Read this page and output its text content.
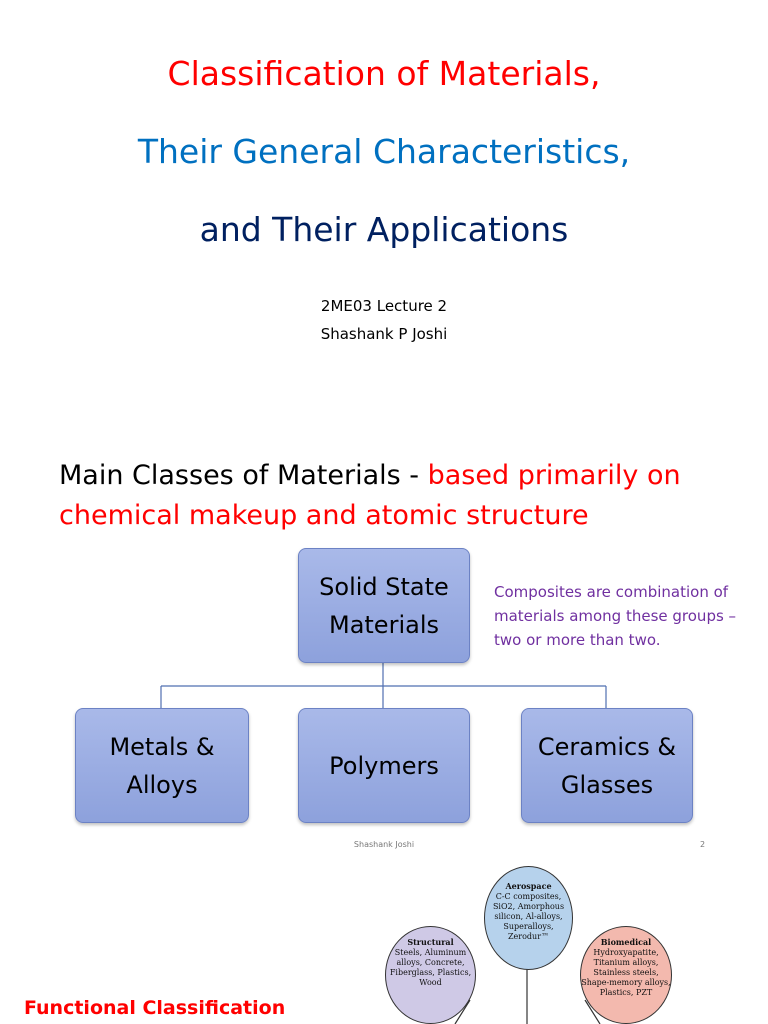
Classification of Materials,
Their General Characteristics,
and Their Applications
2ME03 Lecture 2
Shashank P Joshi
Main Classes of Materials - based primarily on chemical makeup and atomic structure
Solid State Materials
Metals & Alloys
Polymers
Ceramics & Glasses
Composites are combination of materials among these groups – two or more than two.
Shashank Joshi	2
Aerospace
C-C composites, SiO2, Amorphous silicon, Al-alloys, Superalloys, Zerodur™
Structural
Steels, Aluminum alloys, Concrete, Fiberglass, Plastics, Wood
Biomedical
Hydroxyapatite, Titanium alloys, Stainless steels, Shape-memory alloys, Plastics, PZT
Functional Classification
